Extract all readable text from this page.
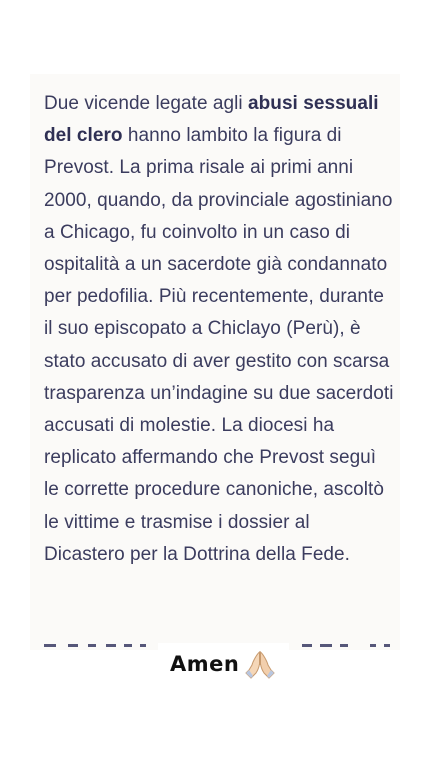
Due vicende legate agli abusi sessuali del clero hanno lambito la figura di Prevost. La prima risale ai primi anni 2000, quando, da provinciale agostiniano a Chicago, fu coinvolto in un caso di ospitalità a un sacerdote già condannato per pedofilia. Più recentemente, durante il suo episcopato a Chiclayo (Perù), è stato accusato di aver gestito con scarsa trasparenza un’indagine su due sacerdoti accusati di molestie. La diocesi ha replicato affermando che Prevost seguì le corrette procedure canoniche, ascoltò le vittime e trasmise i dossier al Dicastero per la Dottrina della Fede.

Amen
